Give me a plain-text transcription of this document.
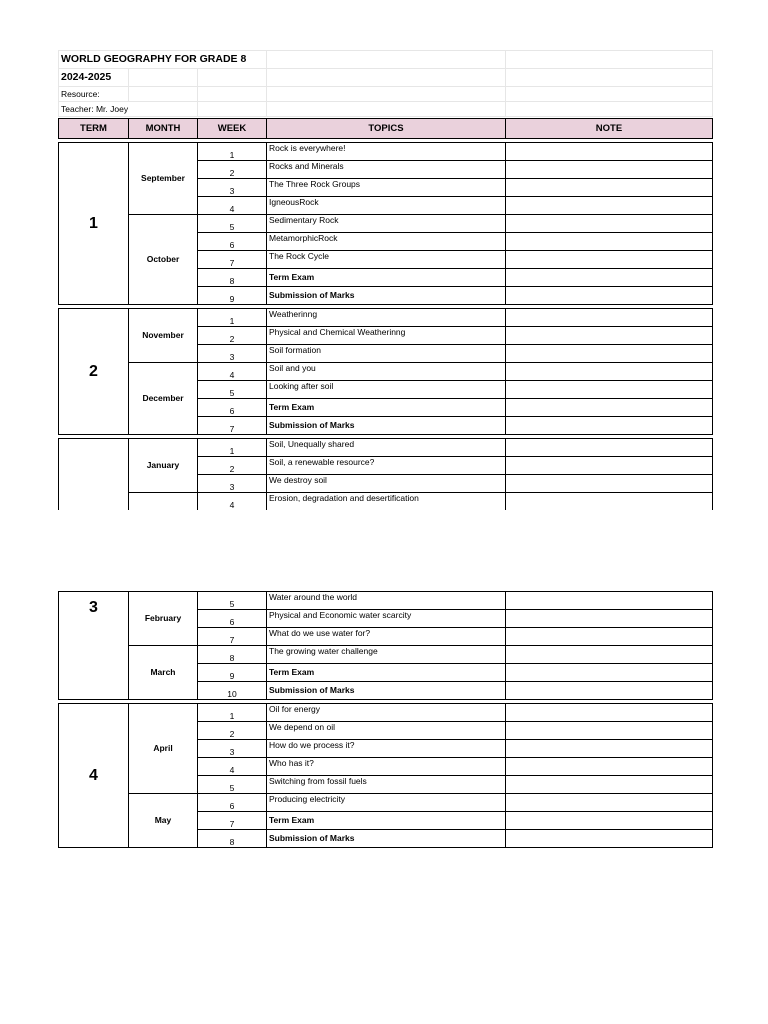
WORLD GEOGRAPHY FOR GRADE 8				
2024-2025				
Resource:				
Teacher: Mr. Joey				
TERM	MONTH	WEEK	TOPICS	NOTE
1	September	1	Rock is everywhere!	
		2	Rocks and Minerals	
		3	The Three Rock Groups	
		4	IgneousRock	
	October	5	Sedimentary Rock	
		6	MetamorphicRock	
		7	The Rock Cycle	
		8	Term Exam	
		9	Submission of Marks	
2	November	1	Weatherinng	
		2	Physical and Chemical Weatherinng	
		3	Soil formation	
	December	4	Soil and you	
		5	Looking after soil	
		6	Term Exam	
		7	Submission of Marks	
	January	1	Soil, Unequally shared	
		2	Soil, a renewable resource?	
		3	We destroy soil	
		4	Erosion, degradation and desertification	
3	February	5	Water around the world	
		6	Physical and Economic water scarcity	
		7	What do we use water for?	
	March	8	The growing water challenge	
		9	Term Exam	
		10	Submission of Marks	
4	April	1	Oil for energy	
		2	We depend on oil	
		3	How do we process it?	
		4	Who has it?	
		5	Switching from fossil fuels	
	May	6	Producing electricity	
		7	Term Exam	
		8	Submission of Marks	
